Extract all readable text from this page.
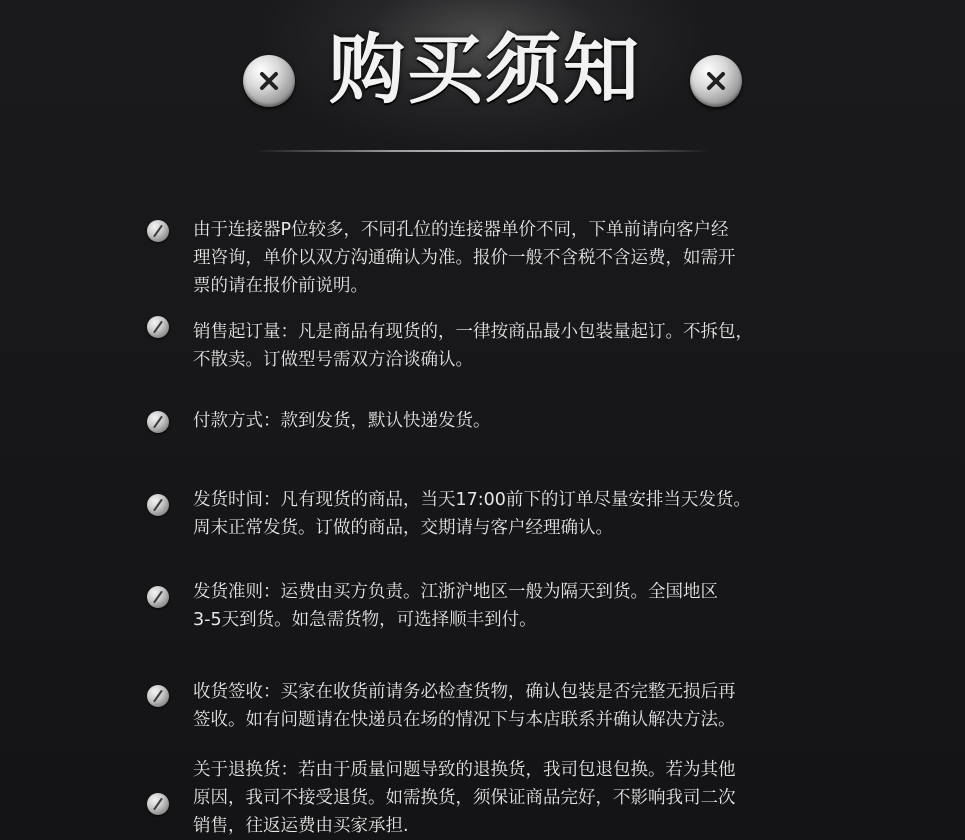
购买须知
由于连接器P位较多，不同孔位的连接器单价不同，下单前请向客户经
理咨询，单价以双方沟通确认为准。报价一般不含税不含运费，如需开
票的请在报价前说明。
销售起订量：凡是商品有现货的，一律按商品最小包装量起订。不拆包，
不散卖。订做型号需双方洽谈确认。
付款方式：款到发货，默认快递发货。
发货时间：凡有现货的商品，当天17:00前下的订单尽量安排当天发货。
周末正常发货。订做的商品，交期请与客户经理确认。
发货准则：运费由买方负责。江浙沪地区一般为隔天到货。全国地区
3-5天到货。如急需货物，可选择顺丰到付。
收货签收：买家在收货前请务必检查货物，确认包装是否完整无损后再
签收。如有问题请在快递员在场的情况下与本店联系并确认解决方法。
关于退换货：若由于质量问题导致的退换货，我司包退包换。若为其他
原因，我司不接受退货。如需换货，须保证商品完好，不影响我司二次
销售，往返运费由买家承担.
